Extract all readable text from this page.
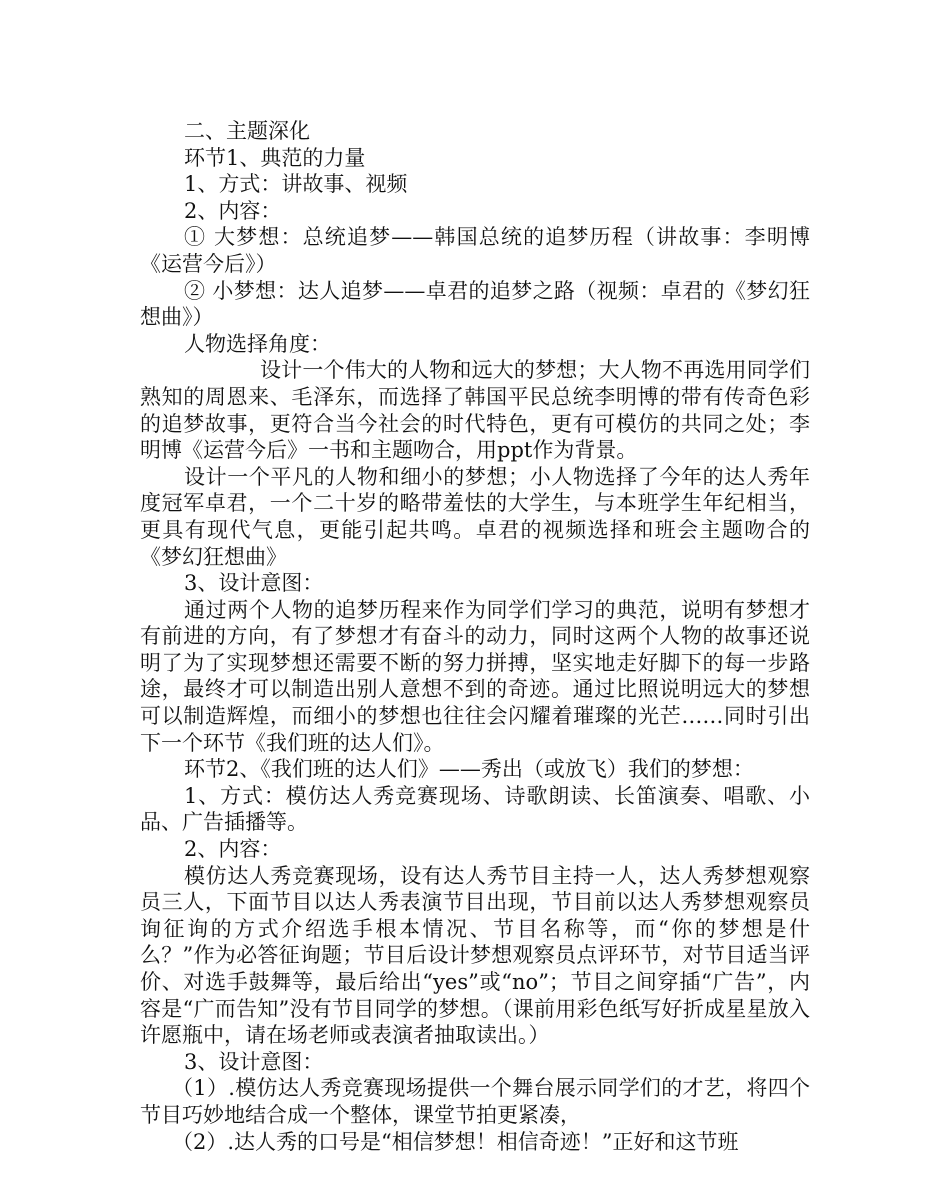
二、主题深化

环节1、典范的力量

1、方式：讲故事、视频

2、内容：

① 大梦想：总统追梦——韩国总统的追梦历程（讲故事：李明博《运营今后》）

② 小梦想：达人追梦——卓君的追梦之路（视频：卓君的《梦幻狂想曲》）

人物选择角度：

设计一个伟大的人物和远大的梦想；大人物不再选用同学们熟知的周恩来、毛泽东，而选择了韩国平民总统李明博的带有传奇色彩的追梦故事，更符合当今社会的时代特色，更有可模仿的共同之处；李明博《运营今后》一书和主题吻合，用ppt作为背景。

设计一个平凡的人物和细小的梦想；小人物选择了今年的达人秀年度冠军卓君，一个二十岁的略带羞怯的大学生，与本班学生年纪相当，更具有现代气息，更能引起共鸣。卓君的视频选择和班会主题吻合的《梦幻狂想曲》

3、设计意图：

通过两个人物的追梦历程来作为同学们学习的典范，说明有梦想才有前进的方向，有了梦想才有奋斗的动力，同时这两个人物的故事还说明了为了实现梦想还需要不断的努力拼搏，坚实地走好脚下的每一步路途，最终才可以制造出别人意想不到的奇迹。通过比照说明远大的梦想可以制造辉煌，而细小的梦想也往往会闪耀着璀璨的光芒……同时引出下一个环节《我们班的达人们》。

环节2、《我们班的达人们》——秀出（或放飞）我们的梦想：

1、方式：模仿达人秀竞赛现场、诗歌朗读、长笛演奏、唱歌、小品、广告插播等。

2、内容：

模仿达人秀竞赛现场，设有达人秀节目主持一人，达人秀梦想观察员三人，下面节目以达人秀表演节目出现，节目前以达人秀梦想观察员询征询的方式介绍选手根本情况、节目名称等，而“你的梦想是什么？”作为必答征询题；节目后设计梦想观察员点评环节，对节目适当评价、对选手鼓舞等，最后给出“yes”或“no”；节目之间穿插“广告”，内容是“广而告知”没有节目同学的梦想。（课前用彩色纸写好折成星星放入许愿瓶中，请在场老师或表演者抽取读出。）

3、设计意图：

（1）.模仿达人秀竞赛现场提供一个舞台展示同学们的才艺，将四个节目巧妙地结合成一个整体，课堂节拍更紧凑，

（2）.达人秀的口号是“相信梦想！相信奇迹！”正好和这节班
